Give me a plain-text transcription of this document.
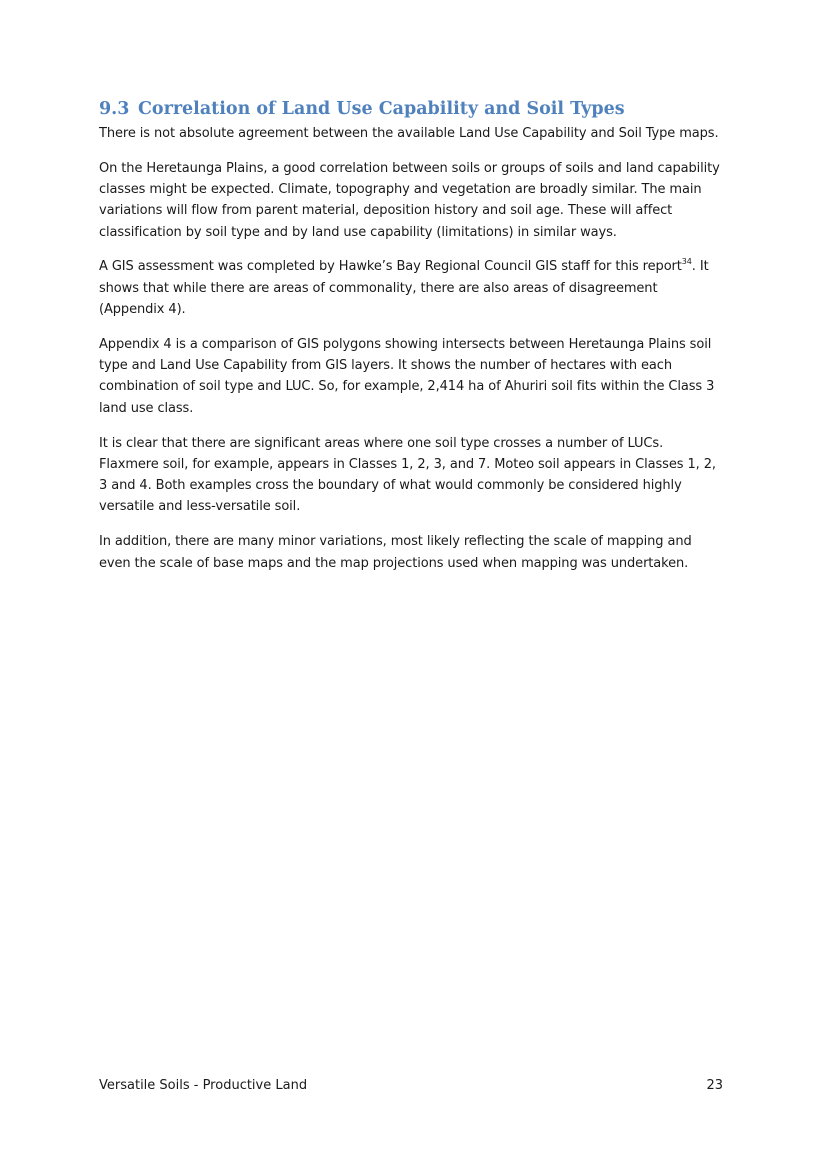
9.3 Correlation of Land Use Capability and Soil Types

There is not absolute agreement between the available Land Use Capability and Soil Type maps.

On the Heretaunga Plains, a good correlation between soils or groups of soils and land capability classes might be expected. Climate, topography and vegetation are broadly similar. The main variations will flow from parent material, deposition history and soil age. These will affect classification by soil type and by land use capability (limitations) in similar ways.

A GIS assessment was completed by Hawke’s Bay Regional Council GIS staff for this report$^{34}$. It shows that while there are areas of commonality, there are also areas of disagreement (Appendix 4).

Appendix 4 is a comparison of GIS polygons showing intersects between Heretaunga Plains soil type and Land Use Capability from GIS layers. It shows the number of hectares with each combination of soil type and LUC. So, for example, 2,414 ha of Ahuriri soil fits within the Class 3 land use class.

It is clear that there are significant areas where one soil type crosses a number of LUCs. Flaxmere soil, for example, appears in Classes 1, 2, 3, and 7. Moteo soil appears in Classes 1, 2, 3 and 4. Both examples cross the boundary of what would commonly be considered highly versatile and less-versatile soil.

In addition, there are many minor variations, most likely reflecting the scale of mapping and even the scale of base maps and the map projections used when mapping was undertaken.

Versatile Soils - Productive Land	23
